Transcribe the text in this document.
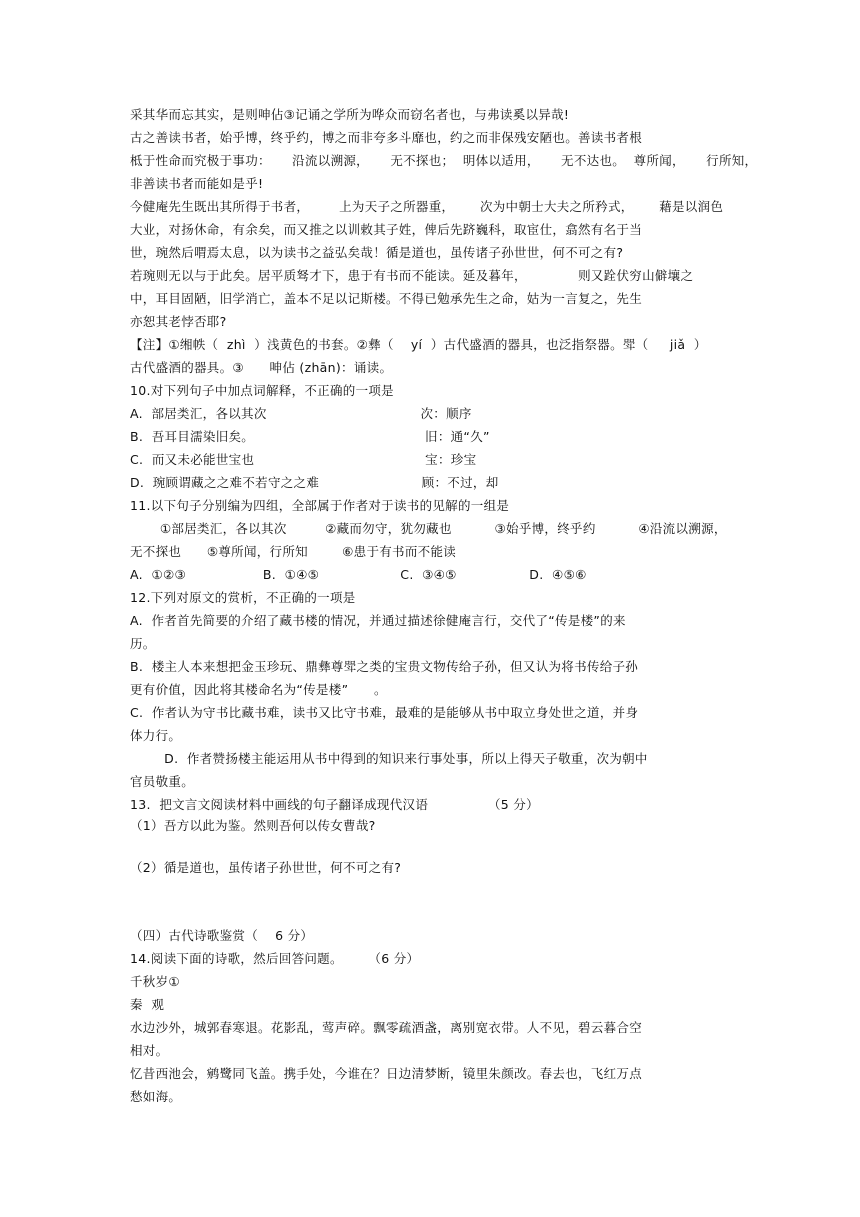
采其华而忘其实，是则呻佔③记诵之学所为哗众而窃名者也，与弗读奚以异哉!
古之善读书者，始乎博，终乎约，博之而非夸多斗靡也，约之而非保残安陋也。善读书者根
柢于性命而究极于事功：     沿流以溯源，     无不探也；  明体以适用，     无不达也。  尊所闻，     行所知，
非善读书者而能如是乎!
今健庵先生既出其所得于书者，       上为天子之所器重，      次为中朝士大夫之所矜式，      藉是以润色
大业，对扬休命，有余矣，而又推之以训敕其子姓，俾后先跻巍科，取宦仕，翕然有名于当
世，琬然后喟焉太息，以为读书之益弘矣哉！循是道也，虽传诸子孙世世，何不可之有?
若琬则无以与于此矣。居平质驽才下，患于有书而不能读。延及暮年，            则又跧伏穷山僻壤之
中，耳目固陋，旧学消亡，盖本不足以记斯楼。不得已勉承先生之命，姑为一言复之，先生
亦恕其老悖否耶?
【注】①缃帙（  zhì  ）浅黄色的书套。②彝（    yí  ）古代盛酒的器具，也泛指祭器。斝（     jiǎ  ）
古代盛酒的器具。③      呻佔 (zhān)：诵读。
10.对下列句子中加点词解释，不正确的一项是
A.  部居类汇，各以其次                                    次：顺序
B.  吾耳目濡染旧矣。                                        旧：通“久”
C.  而又未必能世宝也                                        宝：珍宝
D.  琬顾谓藏之之难不若守之之难                        顾：不过，却
11.以下句子分别编为四组，全部属于作者对于读书的见解的一组是
①部居类汇，各以其次         ②藏而勿守，犹勿藏也          ③始乎博，终乎约          ④沿流以溯源，
无不探也      ⑤尊所闻，行所知        ⑥患于有书而不能读
A.  ①②③                  B.  ①④⑤                   C.  ③④⑤                 D.  ④⑤⑥
12.下列对原文的赏析，不正确的一项是
A.  作者首先简要的介绍了藏书楼的情况，并通过描述徐健庵言行，交代了“传是楼”的来
历。
B.  楼主人本来想把金玉珍玩、鼎彝尊斝之类的宝贵文物传给子孙，但又认为将书传给子孙
更有价值，因此将其楼命名为“传是楼”      。
C.  作者认为守书比藏书难，读书又比守书难，最难的是能够从书中取立身处世之道，并身
体力行。
D.  作者赞扬楼主能运用从书中得到的知识来行事处事，所以上得天子敬重，次为朝中
官员敬重。
13.  把文言文阅读材料中画线的句子翻译成现代汉语              （5 分）
（1）吾方以此为鉴。然则吾何以传女曹哉?
（2）循是道也，虽传诸子孙世世，何不可之有?
（四）古代诗歌鉴赏（    6 分）
14.阅读下面的诗歌，然后回答问题。      （6 分）
千秋岁①
秦  观
水边沙外，城郭春寒退。花影乱，莺声碎。飘零疏酒盏，离别宽衣带。人不见，碧云暮合空
相对。
忆昔西池会，鹓鹭同飞盖。携手处，今谁在？日边清梦断，镜里朱颜改。春去也，飞红万点
愁如海。
